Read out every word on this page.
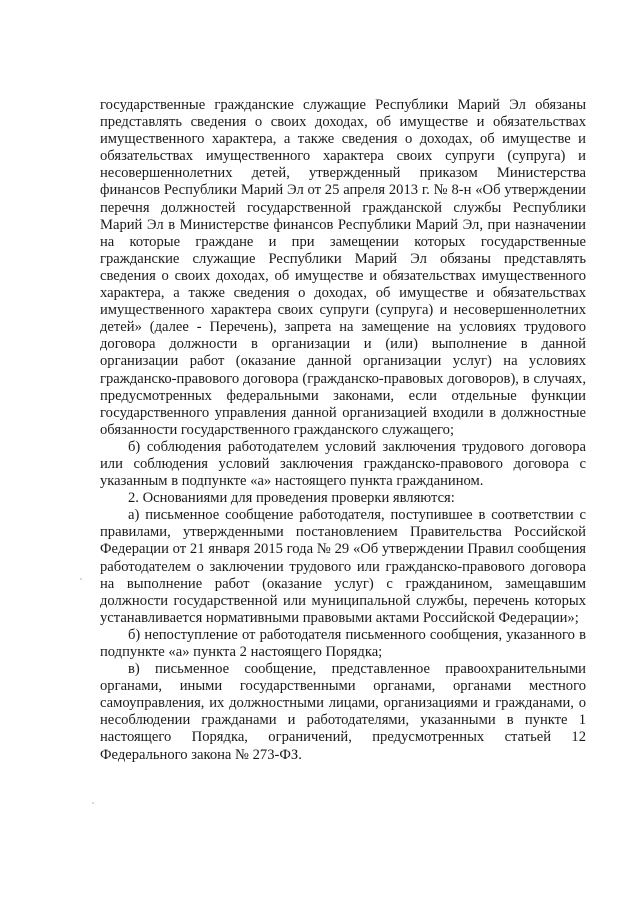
государственные гражданские служащие Республики Марий Эл обязаны представлять сведения о своих доходах, об имуществе и обязательствах имущественного характера, а также сведения о доходах, об имуществе и обязательствах имущественного характера своих супруги (супруга) и несовершеннолетних детей, утвержденный приказом Министерства финансов Республики Марий Эл от 25 апреля 2013 г. № 8-н «Об утверждении перечня должностей государственной гражданской службы Республики Марий Эл в Министерстве финансов Республики Марий Эл, при назначении на которые граждане и при замещении которых государственные гражданские служащие Республики Марий Эл обязаны представлять сведения о своих доходах, об имуществе и обязательствах имущественного характера, а также сведения о доходах, об имуществе и обязательствах имущественного характера своих супруги (супруга) и несовершеннолетних детей» (далее - Перечень), запрета на замещение на условиях трудового договора должности в организации и (или) выполнение в данной организации работ (оказание данной организации услуг) на условиях гражданско-правового договора (гражданско-правовых договоров), в случаях, предусмотренных федеральными законами, если отдельные функции государственного управления данной организацией входили в должностные обязанности государственного гражданского служащего;

б) соблюдения работодателем условий заключения трудового договора или соблюдения условий заключения гражданско-правового договора с указанным в подпункте «а» настоящего пункта гражданином.

2. Основаниями для проведения проверки являются:

а) письменное сообщение работодателя, поступившее в соответствии с правилами, утвержденными постановлением Правительства Российской Федерации от 21 января 2015 года № 29 «Об утверждении Правил сообщения работодателем о заключении трудового или гражданско-правового договора на выполнение работ (оказание услуг) с гражданином, замещавшим должности государственной или муниципальной службы, перечень которых устанавливается нормативными правовыми актами Российской Федерации»;

б) непоступление от работодателя письменного сообщения, указанного в подпункте «а» пункта 2 настоящего Порядка;

в) письменное сообщение, представленное правоохранительными органами, иными государственными органами, органами местного самоуправления, их должностными лицами, организациями и гражданами, о несоблюдении гражданами и работодателями, указанными в пункте 1 настоящего Порядка, ограничений, предусмотренных статьей 12 Федерального закона № 273-ФЗ.
